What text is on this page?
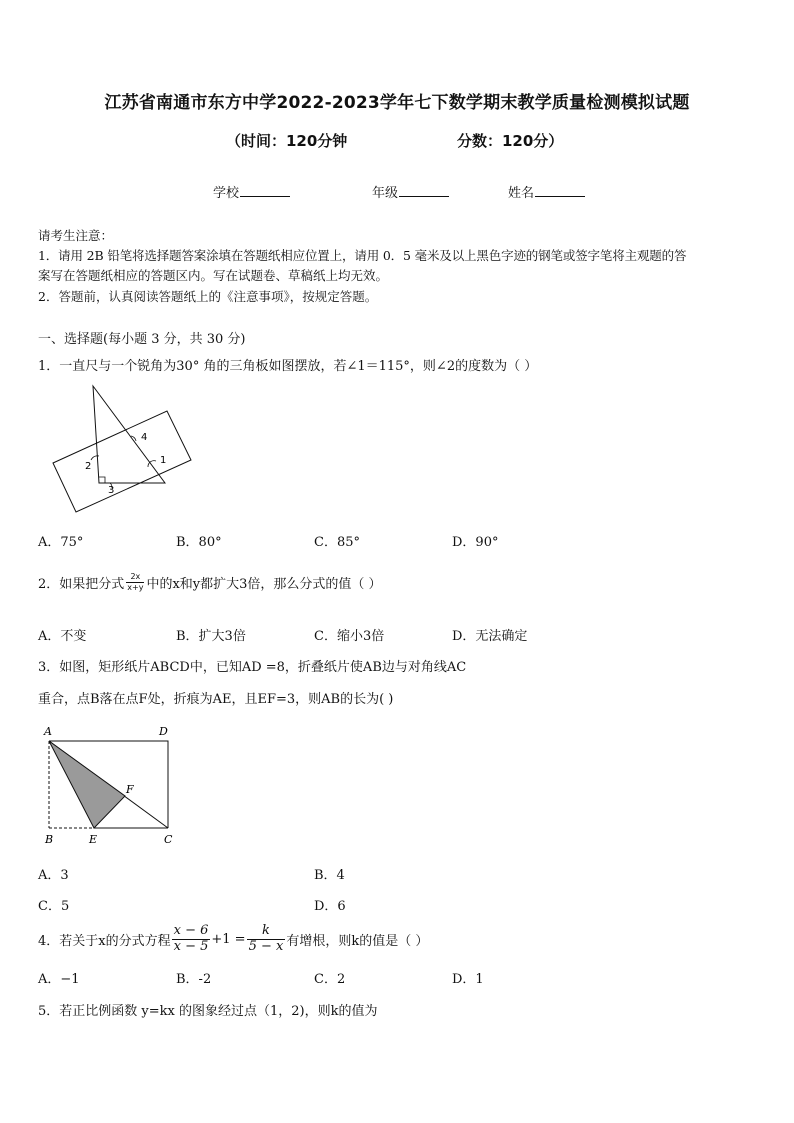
江苏省南通市东方中学2022-2023学年七下数学期末教学质量检测模拟试题
（时间：120分钟	分数：120分）
学校	年级	姓名
请考生注意：
1．请用 2B 铅笔将选择题答案涂填在答题纸相应位置上，请用 0．5 毫米及以上黑色字迹的钢笔或签字笔将主观题的答
案写在答题纸相应的答题区内。写在试题卷、草稿纸上均无效。
2．答题前，认真阅读答题纸上的《注意事项》，按规定答题。
一、选择题(每小题 3 分，共 30 分)
1．一直尺与一个锐角为30° 角的三角板如图摆放，若∠1＝115°，则∠2的度数为（ ）
4
2
1
3
A．75°	B．80°	C．85°	D．90°
2．如果把分式 $\frac{2x}{x+y}$ 中的x和y都扩大3倍，那么分式的值（ ）
A．不变	B．扩大3倍	C．缩小3倍	D．无法确定
3．如图，矩形纸片ABCD中，已知AD =8，折叠纸片使AB边与对角线AC
重合，点B落在点F处，折痕为AE，且EF=3，则AB的长为( )
A	D
F
B	E	C
A．3	B．4
C．5	D．6
4．若关于x的分式方程 $\frac{x - 6}{x - 5} +1 = \frac{k}{5 - x}$ 有增根，则k的值是（ ）
A．−1	B．-2	C．2	D．1
5．若正比例函数 y=kx 的图象经过点（1，2)，则k的值为
